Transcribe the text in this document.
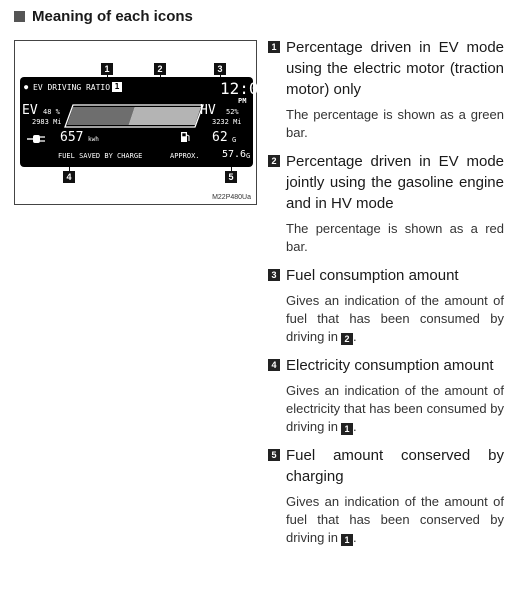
Meaning of each icons
1	2	3
4	5
● EV DRIVING RATIO 1	12:00
PM
EV 48 %
2983 Mi
HV 52%
3232 Mi
657 kwh	62 G
FUEL SAVED BY CHARGE	APPROX. 57.6 G
M22P480Ua
1 Percentage driven in EV mode using the electric motor (traction motor) only
The percentage is shown as a green bar.
2 Percentage driven in EV mode jointly using the gasoline engine and in HV mode
The percentage is shown as a red bar.
3 Fuel consumption amount
Gives an indication of the amount of fuel that has been consumed by driving in 2 .
4 Electricity consumption amount
Gives an indication of the amount of electricity that has been consumed by driving in 1 .
5 Fuel amount conserved by charging
Gives an indication of the amount of fuel that has been conserved by driving in 1 .
